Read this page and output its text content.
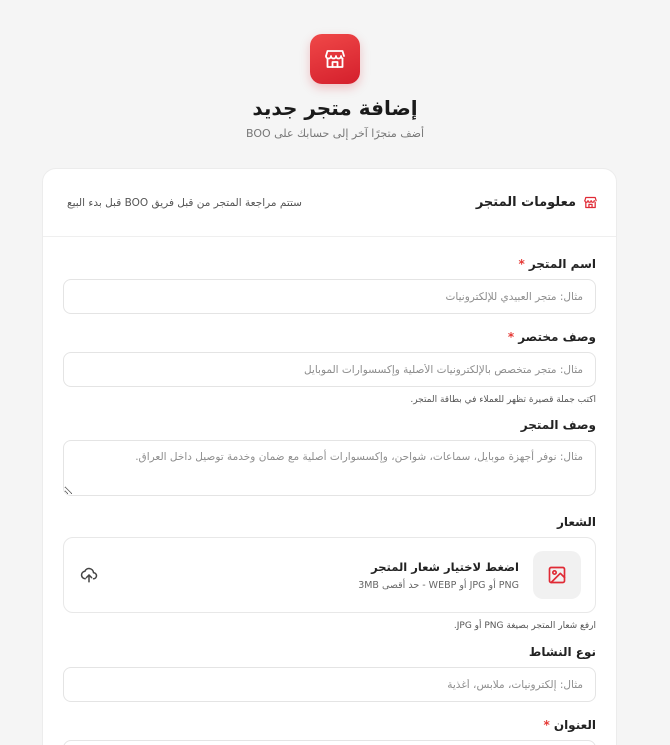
إضافة متجر جديد
أضف متجرًا آخر إلى حسابك على BOO
معلومات المتجر
ستتم مراجعة المتجر من قبل فريق BOO قبل بدء البيع
اسم المتجر*
مثال: متجر العبيدي للإلكترونيات
وصف مختصر*
مثال: متجر متخصص بالإلكترونيات الأصلية وإكسسوارات الموبايل
اكتب جملة قصيرة تظهر للعملاء في بطاقة المتجر.
وصف المتجر
مثال: نوفر أجهزة موبايل، سماعات، شواحن، وإكسسوارات أصلية مع ضمان وخدمة توصيل داخل العراق.
الشعار
اضغط لاختيار شعار المتجر
PNG أو JPG أو WEBP - حد أقصى 3MB
ارفع شعار المتجر بصيغة PNG أو JPG.
نوع النشاط
مثال: إلكترونيات، ملابس، أغذية
العنوان*
